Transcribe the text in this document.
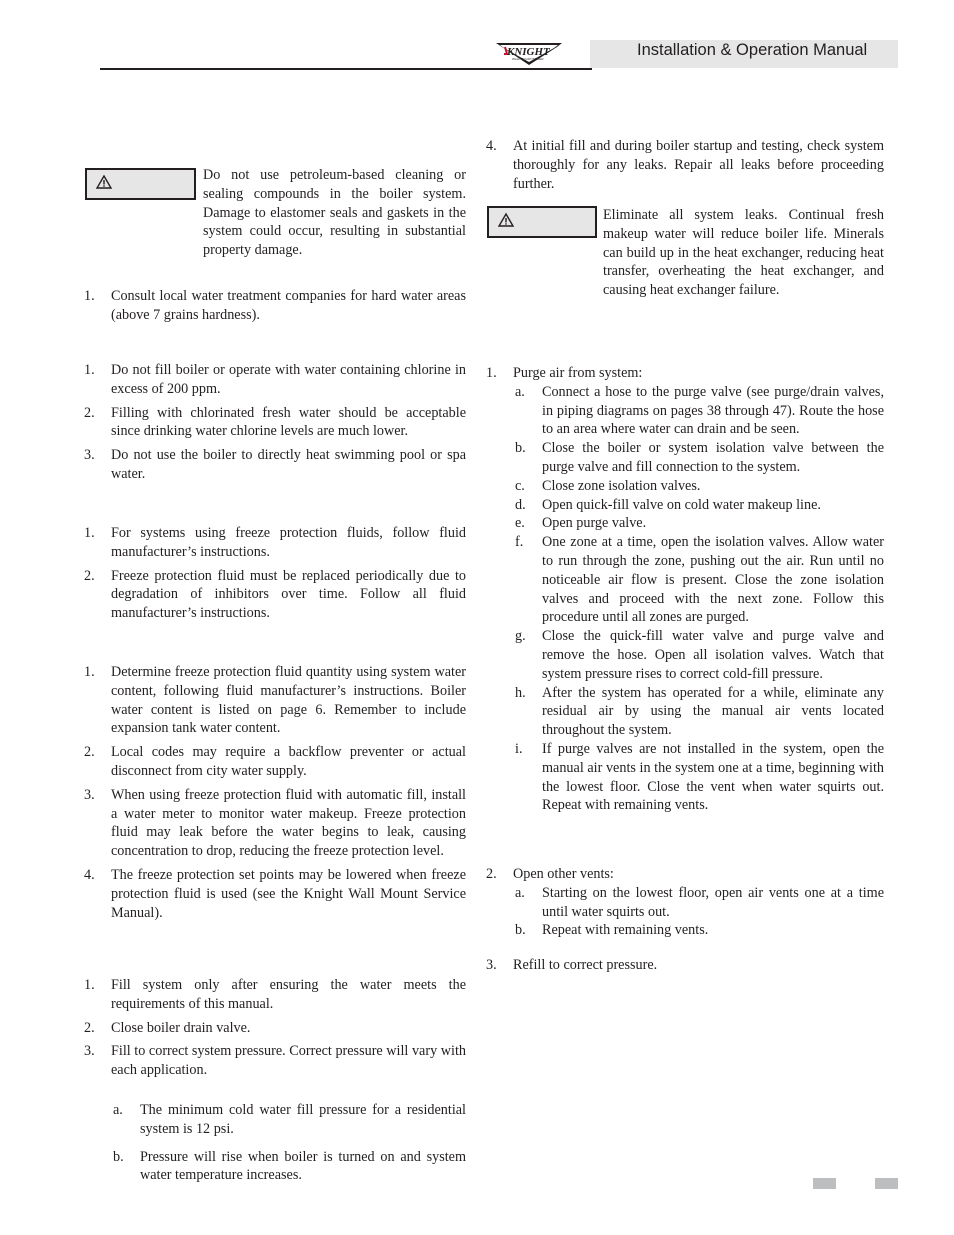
KNIGHT
WALL MOUNT BOILER	Installation & Operation Manual
Do not use petroleum-based cleaning or sealing compounds in the boiler system. Damage to elastomer seals and gaskets in the system could occur, resulting in substantial property damage.
1. Consult local water treatment companies for hard water areas (above 7 grains hardness).
1. Do not fill boiler or operate with water containing chlorine in excess of 200 ppm.
2. Filling with chlorinated fresh water should be acceptable since drinking water chlorine levels are much lower.
3. Do not use the boiler to directly heat swimming pool or spa water.
1. For systems using freeze protection fluids, follow fluid manufacturer’s instructions.
2. Freeze protection fluid must be replaced periodically due to degradation of inhibitors over time. Follow all fluid manufacturer’s instructions.
1. Determine freeze protection fluid quantity using system water content, following fluid manufacturer’s instructions. Boiler water content is listed on page 6. Remember to include expansion tank water content.
2. Local codes may require a backflow preventer or actual disconnect from city water supply.
3. When using freeze protection fluid with automatic fill, install a water meter to monitor water makeup. Freeze protection fluid may leak before the water begins to leak, causing concentration to drop, reducing the freeze protection level.
4. The freeze protection set points may be lowered when freeze protection fluid is used (see the Knight Wall Mount Service Manual).
1. Fill system only after ensuring the water meets the requirements of this manual.
2. Close boiler drain valve.
3. Fill to correct system pressure. Correct pressure will vary with each application.
a. The minimum cold water fill pressure for a residential system is 12 psi.
b. Pressure will rise when boiler is turned on and system water temperature increases.
4. At initial fill and during boiler startup and testing, check system thoroughly for any leaks. Repair all leaks before proceeding further.
Eliminate all system leaks. Continual fresh makeup water will reduce boiler life. Minerals can build up in the heat exchanger, reducing heat transfer, overheating the heat exchanger, and causing heat exchanger failure.
1. Purge air from system:
a. Connect a hose to the purge valve (see purge/drain valves, in piping diagrams on pages 38 through 47). Route the hose to an area where water can drain and be seen.
b. Close the boiler or system isolation valve between the purge valve and fill connection to the system.
c. Close zone isolation valves.
d. Open quick-fill valve on cold water makeup line.
e. Open purge valve.
f. One zone at a time, open the isolation valves. Allow water to run through the zone, pushing out the air. Run until no noticeable air flow is present. Close the zone isolation valves and proceed with the next zone. Follow this procedure until all zones are purged.
g. Close the quick-fill water valve and purge valve and remove the hose. Open all isolation valves. Watch that system pressure rises to correct cold-fill pressure.
h. After the system has operated for a while, eliminate any residual air by using the manual air vents located throughout the system.
i. If purge valves are not installed in the system, open the manual air vents in the system one at a time, beginning with the lowest floor. Close the vent when water squirts out. Repeat with remaining vents.
2. Open other vents:
a. Starting on the lowest floor, open air vents one at a time until water squirts out.
b. Repeat with remaining vents.
3. Refill to correct pressure.
